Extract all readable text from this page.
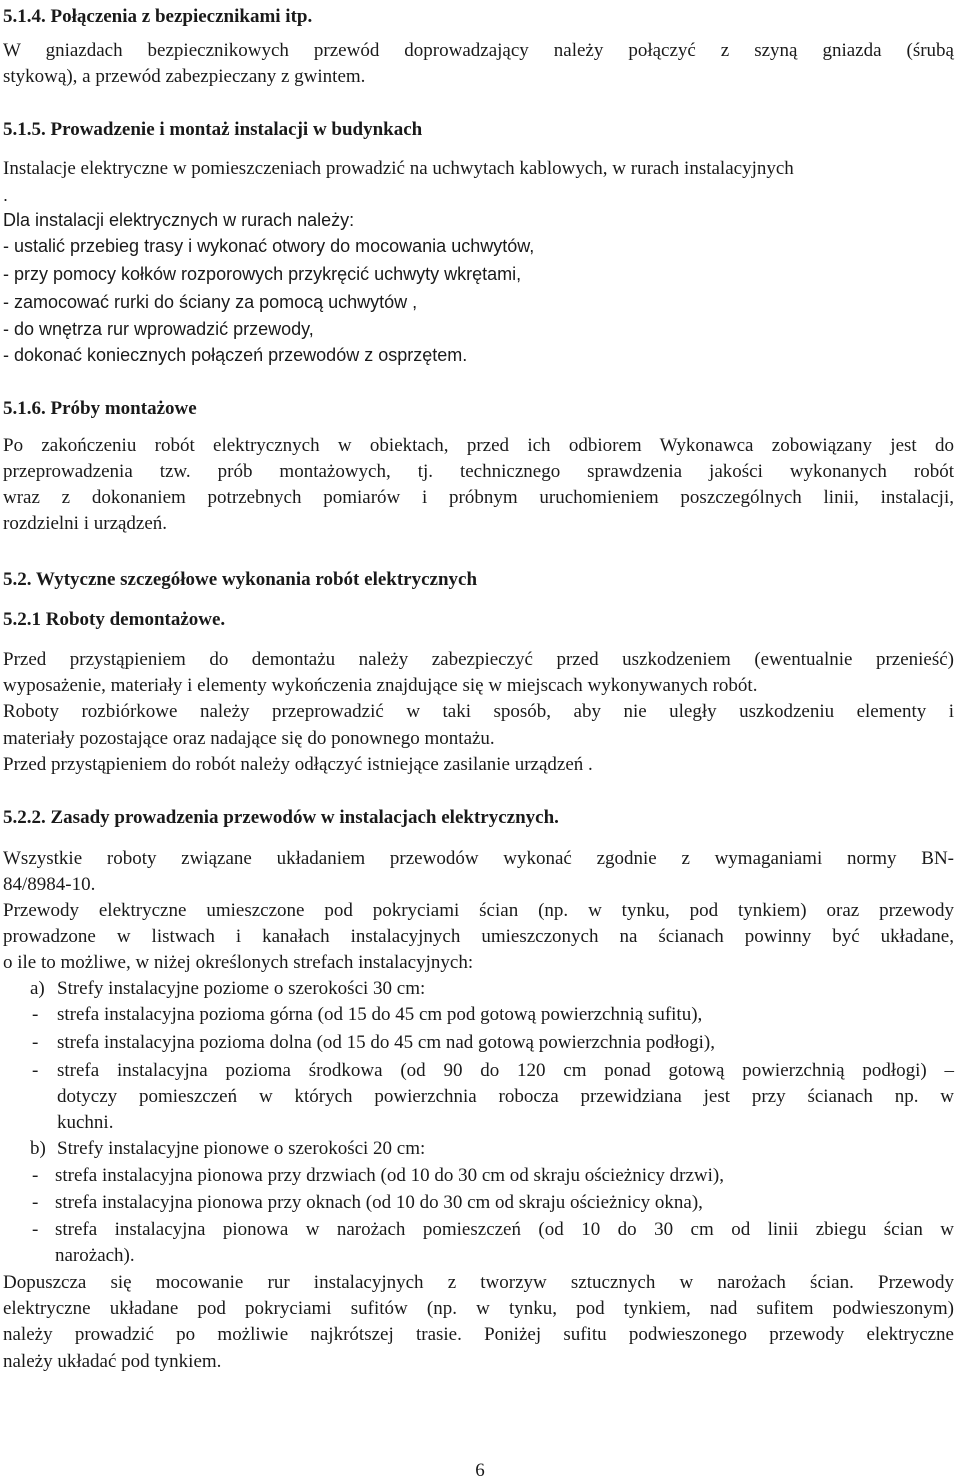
5.1.4. Połączenia z bezpiecznikami itp.
W gniazdach bezpiecznikowych przewód doprowadzający należy połączyć z szyną gniazda (śrubą
stykową), a przewód zabezpieczany z gwintem.
5.1.5. Prowadzenie i montaż instalacji w budynkach
Instalacje elektryczne w pomieszczeniach prowadzić na uchwytach kablowych, w rurach instalacyjnych
.
Dla instalacji elektrycznych w rurach należy:
- ustalić przebieg trasy i wykonać otwory do mocowania uchwytów,
- przy pomocy kołków rozporowych przykręcić uchwyty wkrętami,
- zamocować rurki do ściany za pomocą uchwytów ,
- do wnętrza rur wprowadzić przewody,
- dokonać koniecznych połączeń przewodów z osprzętem.
5.1.6. Próby montażowe
Po zakończeniu robót elektrycznych w obiektach, przed ich odbiorem Wykonawca zobowiązany jest do
przeprowadzenia tzw. prób montażowych, tj. technicznego sprawdzenia jakości wykonanych robót
wraz z dokonaniem potrzebnych pomiarów i próbnym uruchomieniem poszczególnych linii, instalacji,
rozdzielni i urządzeń.
5.2. Wytyczne szczegółowe wykonania robót elektrycznych
5.2.1 Roboty demontażowe.
Przed przystąpieniem do demontażu należy zabezpieczyć przed uszkodzeniem (ewentualnie przenieść)
wyposażenie, materiały i elementy wykończenia znajdujące się w miejscach wykonywanych robót.
Roboty rozbiórkowe należy przeprowadzić w taki sposób, aby nie uległy uszkodzeniu elementy i
materiały pozostające oraz nadające się do ponownego montażu.
Przed przystąpieniem do robót należy odłączyć istniejące zasilanie urządzeń .
5.2.2. Zasady prowadzenia przewodów w instalacjach elektrycznych.
Wszystkie roboty związane układaniem przewodów wykonać zgodnie z wymaganiami normy BN-
84/8984-10.
Przewody elektryczne umieszczone pod pokryciami ścian (np. w tynku, pod tynkiem) oraz przewody
prowadzone w listwach i kanałach instalacyjnych umieszczonych na ścianach powinny być układane,
o ile to możliwe, w niżej określonych strefach instalacyjnych:
a) Strefy instalacyjne poziome o szerokości 30 cm:
- strefa instalacyjna pozioma górna (od 15 do 45 cm pod gotową powierzchnią sufitu),
- strefa instalacyjna pozioma dolna (od 15 do 45 cm nad gotową powierzchnia podłogi),
- strefa instalacyjna pozioma środkowa (od 90 do 120 cm ponad gotową powierzchnią podłogi) –
dotyczy pomieszczeń w których powierzchnia robocza przewidziana jest przy ścianach np. w
kuchni.
b) Strefy instalacyjne pionowe o szerokości 20 cm:
- strefa instalacyjna pionowa przy drzwiach (od 10 do 30 cm od skraju ościeżnicy drzwi),
- strefa instalacyjna pionowa przy oknach (od 10 do 30 cm od skraju ościeżnicy okna),
- strefa instalacyjna pionowa w narożach pomieszczeń (od 10 do 30 cm od linii zbiegu ścian w
narożach).
Dopuszcza się mocowanie rur instalacyjnych z tworzyw sztucznych w narożach ścian. Przewody
elektryczne układane pod pokryciami sufitów (np. w tynku, pod tynkiem, nad sufitem podwieszonym)
należy prowadzić po możliwie najkrótszej trasie. Poniżej sufitu podwieszonego przewody elektryczne
należy układać pod tynkiem.
6
